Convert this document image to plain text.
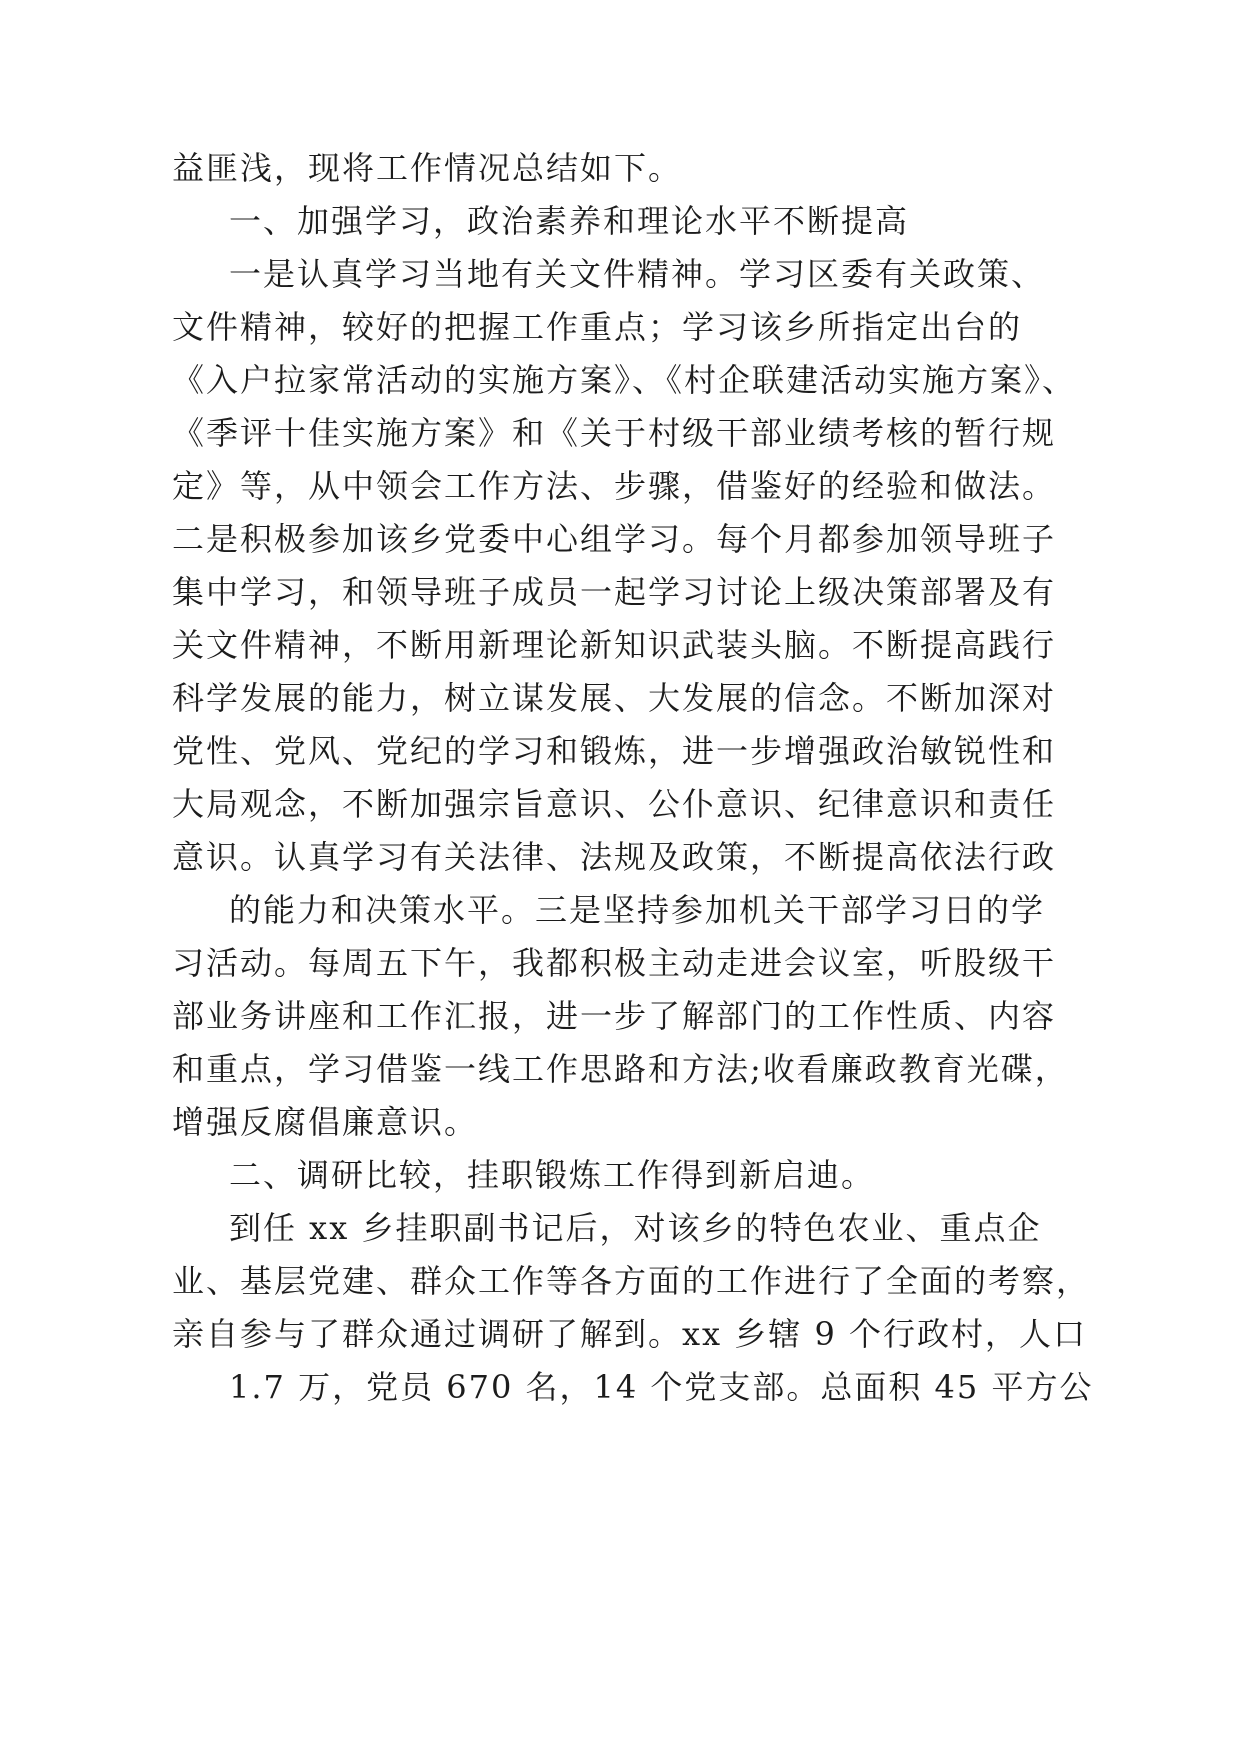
益匪浅，现将工作情况总结如下。
一、加强学习，政治素养和理论水平不断提高
一是认真学习当地有关文件精神。学习区委有关政策、
文件精神，较好的把握工作重点；学习该乡所指定出台的
《入户拉家常活动的实施方案》、《村企联建活动实施方案》、
《季评十佳实施方案》和《关于村级干部业绩考核的暂行规
定》等，从中领会工作方法、步骤，借鉴好的经验和做法。
二是积极参加该乡党委中心组学习。每个月都参加领导班子
集中学习，和领导班子成员一起学习讨论上级决策部署及有
关文件精神，不断用新理论新知识武装头脑。不断提高践行
科学发展的能力，树立谋发展、大发展的信念。不断加深对
党性、党风、党纪的学习和锻炼，进一步增强政治敏锐性和
大局观念，不断加强宗旨意识、公仆意识、纪律意识和责任
意识。认真学习有关法律、法规及政策，不断提高依法行政
的能力和决策水平。三是坚持参加机关干部学习日的学
习活动。每周五下午，我都积极主动走进会议室，听股级干
部业务讲座和工作汇报，进一步了解部门的工作性质、内容
和重点，学习借鉴一线工作思路和方法;收看廉政教育光碟，
增强反腐倡廉意识。
二、调研比较，挂职锻炼工作得到新启迪。
到任 xx 乡挂职副书记后，对该乡的特色农业、重点企
业、基层党建、群众工作等各方面的工作进行了全面的考察，
亲自参与了群众通过调研了解到。xx 乡辖 9 个行政村，人口
1.7 万，党员 670 名，14 个党支部。总面积 45 平方公
